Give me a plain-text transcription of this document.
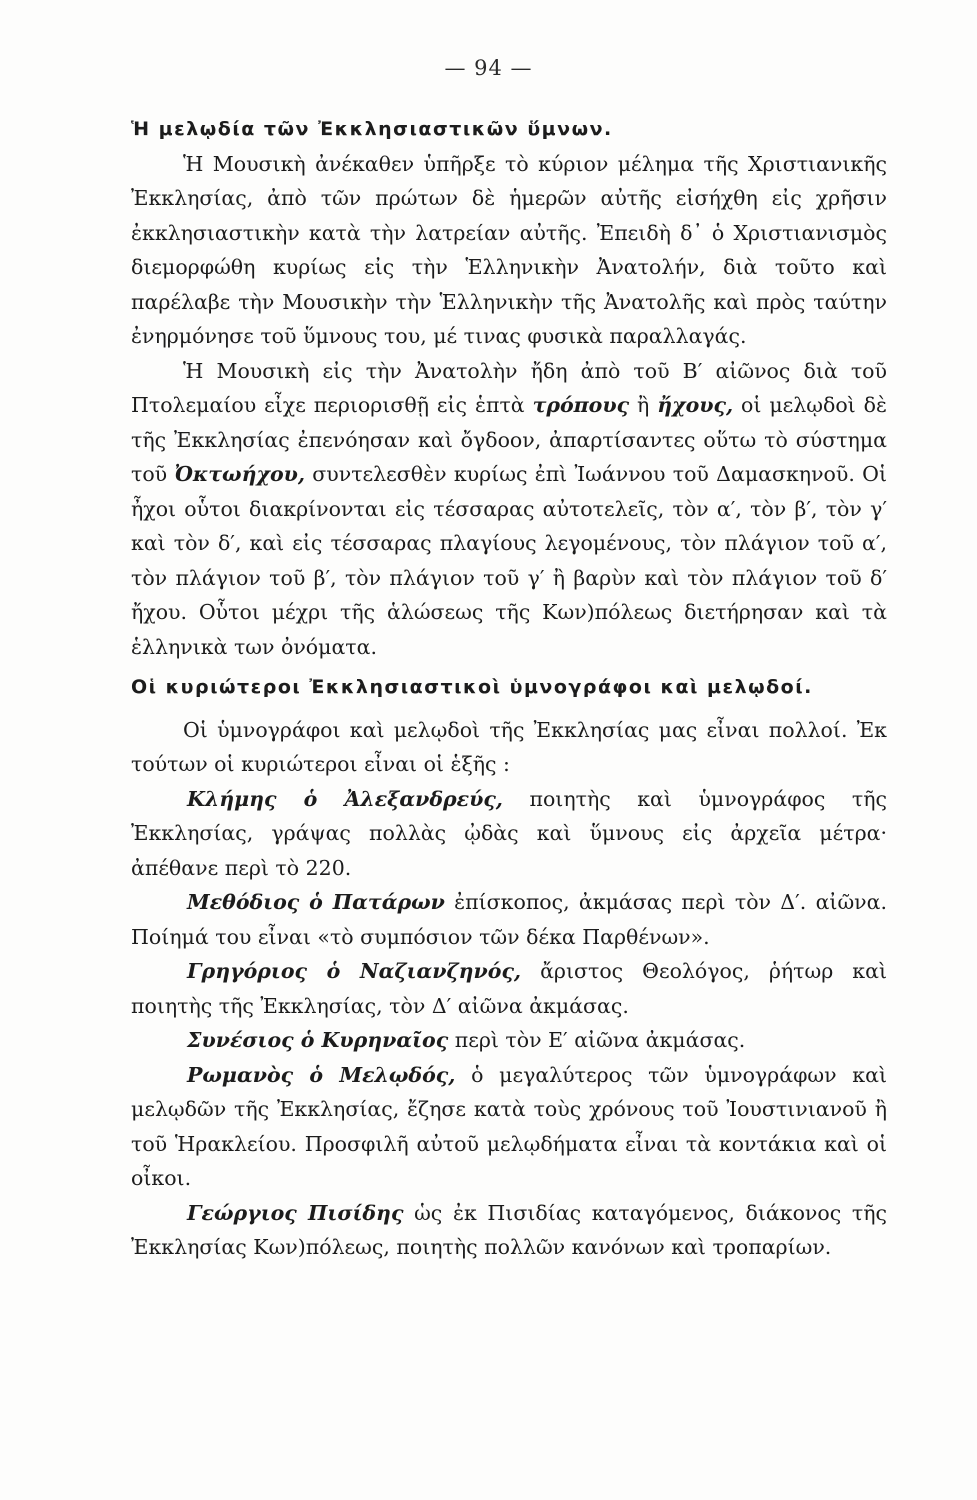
— 94 —

Ἡ μελῳδία τῶν Ἐκκλησιαστικῶν ὕμνων.

Ἡ Μουσικὴ ἀνέκαθεν ὑπῆρξε τὸ κύριον μέλημα τῆς Χριστιανικῆς Ἐκκλησίας, ἀπὸ τῶν πρώτων δὲ ἡμερῶν αὐτῆς εἰσήχθη εἰς χρῆσιν ἐκκλησιαστικὴν κατὰ τὴν λατρείαν αὐτῆς. Ἐπειδὴ δ᾽ ὁ Χριστιανισμὸς διεμορφώθη κυρίως εἰς τὴν Ἑλληνικὴν Ἀνατολήν, διὰ τοῦτο καὶ παρέλαβε τὴν Μουσικὴν τὴν Ἑλληνικὴν τῆς Ἀνατολῆς καὶ πρὸς ταύτην ἐνηρμόνησε τοῦ ὕμνους του, μέ τινας φυσικὰ παραλλαγάς.

Ἡ Μουσικὴ εἰς τὴν Ἀνατολὴν ἤδη ἀπὸ τοῦ Β′ αἰῶνος διὰ τοῦ Πτολεμαίου εἶχε περιορισθῇ εἰς ἑπτὰ τρόπους ἢ ἤχους, οἱ μελῳδοὶ δὲ τῆς Ἐκκλησίας ἐπενόησαν καὶ ὄγδοον, ἀπαρτίσαντες οὕτω τὸ σύστημα τοῦ Ὀκτωήχου, συντελεσθὲν κυρίως ἐπὶ Ἰωάννου τοῦ Δαμασκηνοῦ. Οἱ ἦχοι οὗτοι διακρίνονται εἰς τέσσαρας αὐτοτελεῖς, τὸν α′, τὸν β′, τὸν γ′ καὶ τὸν δ′, καὶ εἰς τέσσαρας πλαγίους λεγομένους, τὸν πλάγιον τοῦ α′, τὸν πλάγιον τοῦ β′, τὸν πλάγιον τοῦ γ′ ἢ βαρὺν καὶ τὸν πλάγιον τοῦ δ′ ἤχου. Οὗτοι μέχρι τῆς ἁλώσεως τῆς Κων)πόλεως διετήρησαν καὶ τὰ ἑλληνικὰ των ὀνόματα.

Οἱ κυριώτεροι Ἐκκλησιαστικοὶ ὑμνογράφοι καὶ μελῳδοί.

Οἱ ὑμνογράφοι καὶ μελῳδοὶ τῆς Ἐκκλησίας μας εἶναι πολλοί. Ἐκ τούτων οἱ κυριώτεροι εἶναι οἱ ἑξῆς :

Κλήμης ὁ Ἀλεξανδρεύς, ποιητὴς καὶ ὑμνογράφος τῆς Ἐκκλησίας, γράψας πολλὰς ᾠδὰς καὶ ὕμνους εἰς ἀρχεῖα μέτρα· ἀπέθανε περὶ τὸ 220.

Μεθόδιος ὁ Πατάρων ἐπίσκοπος, ἀκμάσας περὶ τὸν Δ′. αἰῶνα. Ποίημά του εἶναι «τὸ συμπόσιον τῶν δέκα Παρθένων».

Γρηγόριος ὁ Ναζιανζηνός, ἄριστος Θεολόγος, ῥήτωρ καὶ ποιητὴς τῆς Ἐκκλησίας, τὸν Δ′ αἰῶνα ἀκμάσας.

Συνέσιος ὁ Κυρηναῖος περὶ τὸν Ε′ αἰῶνα ἀκμάσας.

Ρωμανὸς ὁ Μελῳδός, ὁ μεγαλύτερος τῶν ὑμνογράφων καὶ μελῳδῶν τῆς Ἐκκλησίας, ἔζησε κατὰ τοὺς χρόνους τοῦ Ἰουστινιανοῦ ἢ τοῦ Ἡρακλείου. Προσφιλῆ αὐτοῦ μελῳδήματα εἶναι τὰ κοντάκια καὶ οἱ οἶκοι.

Γεώργιος Πισίδης ὡς ἐκ Πισιδίας καταγόμενος, διάκονος τῆς Ἐκκλησίας Κων)πόλεως, ποιητὴς πολλῶν κανόνων καὶ τροπαρίων.
